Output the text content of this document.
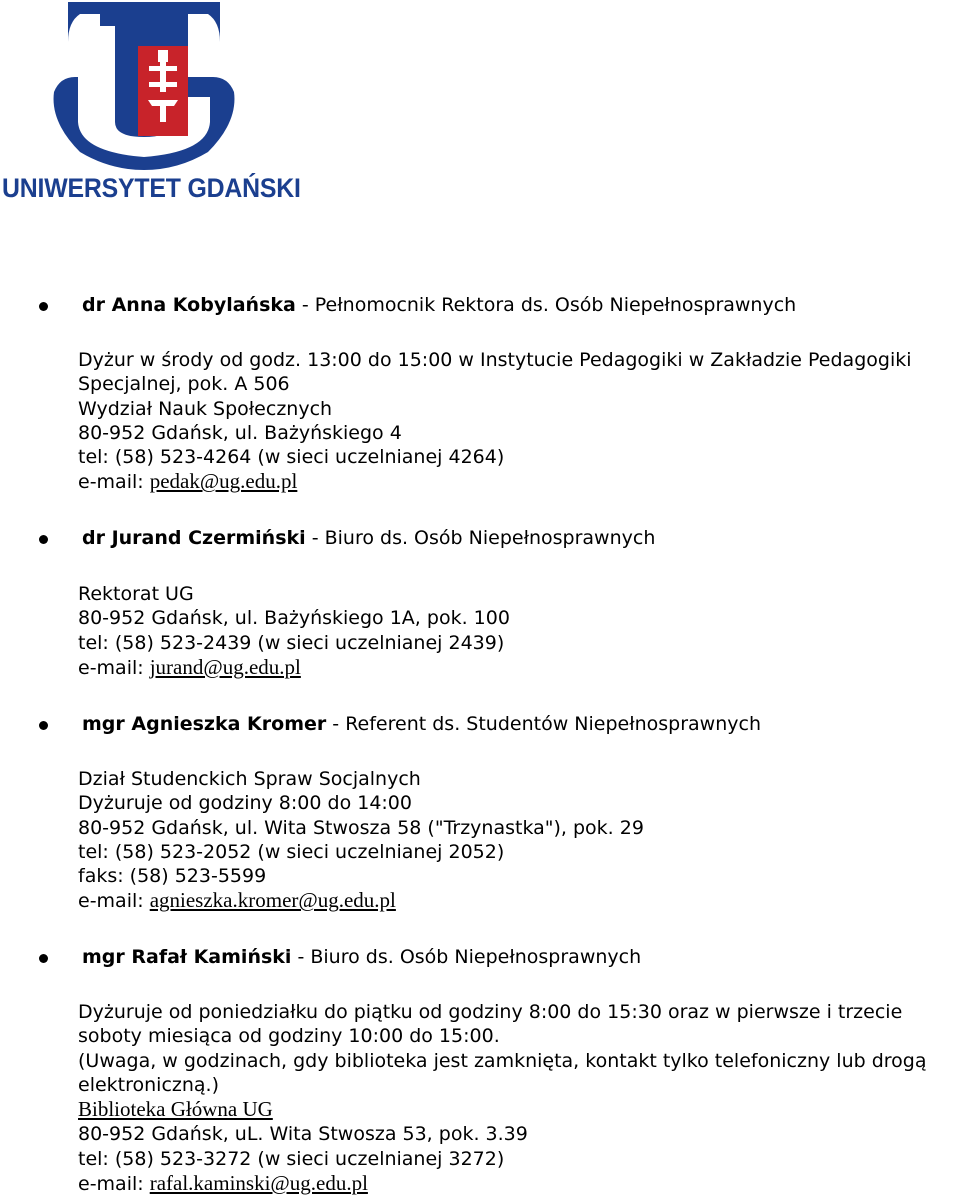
UNIWERSYTET GDAŃSKI
dr Anna Kobylańska - Pełnomocnik Rektora ds. Osób Niepełnosprawnych
Dyżur w środy od godz. 13:00 do 15:00 w Instytucie Pedagogiki w Zakładzie Pedagogiki
Specjalnej, pok. A 506
Wydział Nauk Społecznych
80-952 Gdańsk, ul. Bażyńskiego 4
tel: (58) 523-4264 (w sieci uczelnianej 4264)
e-mail: pedak@ug.edu.pl
dr Jurand Czermiński - Biuro ds. Osób Niepełnosprawnych
Rektorat UG
80-952 Gdańsk, ul. Bażyńskiego 1A, pok. 100
tel: (58) 523-2439 (w sieci uczelnianej 2439)
e-mail: jurand@ug.edu.pl
mgr Agnieszka Kromer - Referent ds. Studentów Niepełnosprawnych
Dział Studenckich Spraw Socjalnych
Dyżuruje od godziny 8:00 do 14:00
80-952 Gdańsk, ul. Wita Stwosza 58 ("Trzynastka"), pok. 29
tel: (58) 523-2052 (w sieci uczelnianej 2052)
faks: (58) 523-5599
e-mail: agnieszka.kromer@ug.edu.pl
mgr Rafał Kamiński - Biuro ds. Osób Niepełnosprawnych
Dyżuruje od poniedziałku do piątku od godziny 8:00 do 15:30 oraz w pierwsze i trzecie
soboty miesiąca od godziny 10:00 do 15:00.
(Uwaga, w godzinach, gdy biblioteka jest zamknięta, kontakt tylko telefoniczny lub drogą
elektroniczną.)
Biblioteka Główna UG
80-952 Gdańsk, uL. Wita Stwosza 53, pok. 3.39
tel: (58) 523-3272 (w sieci uczelnianej 3272)
e-mail: rafal.kaminski@ug.edu.pl
